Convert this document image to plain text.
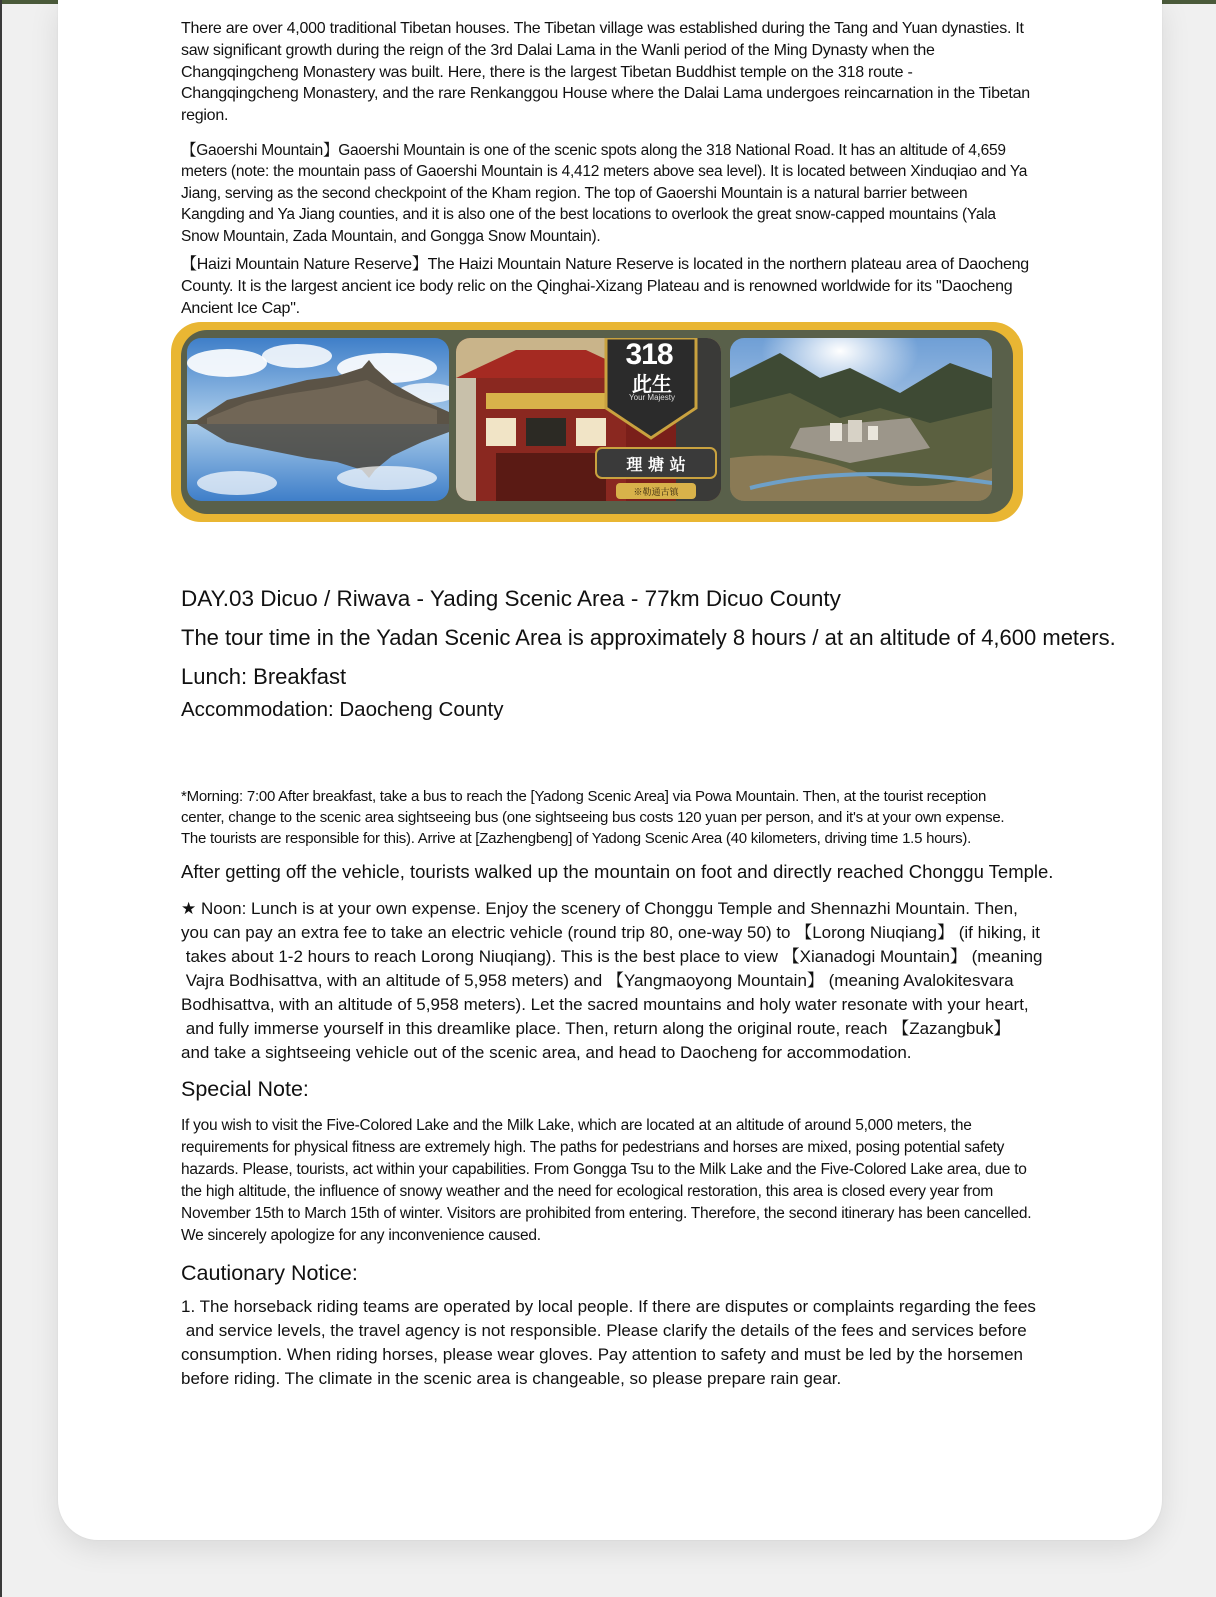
There are over 4,000 traditional Tibetan houses. The Tibetan village was established during the Tang and Yuan dynasties. It saw significant growth during the reign of the 3rd Dalai Lama in the Wanli period of the Ming Dynasty when the Changqingcheng Monastery was built. Here, there is the largest Tibetan Buddhist temple on the 318 route - Changqingcheng Monastery, and the rare Renkanggou House where the Dalai Lama undergoes reincarnation in the Tibetan region.

【Gaoershi Mountain】Gaoershi Mountain is one of the scenic spots along the 318 National Road. It has an altitude of 4,659 meters (note: the mountain pass of Gaoershi Mountain is 4,412 meters above sea level). It is located between Xinduqiao and Ya Jiang, serving as the second checkpoint of the Kham region. The top of Gaoershi Mountain is a natural barrier between Kangding and Ya Jiang counties, and it is also one of the best locations to overlook the great snow-capped mountains (Yala Snow Mountain, Zada Mountain, and Gongga Snow Mountain).

【Haizi Mountain Nature Reserve】The Haizi Mountain Nature Reserve is located in the northern plateau area of Daocheng County. It is the largest ancient ice body relic on the Qinghai-Xizang Plateau and is renowned worldwide for its "Daocheng Ancient Ice Cap".

318
此生
Your Majesty
理 塘 站
※勒通古镇

DAY.03 Dicuo / Riwava - Yading Scenic Area - 77km Dicuo County

The tour time in the Yadan Scenic Area is approximately 8 hours / at an altitude of 4,600 meters.

Lunch: Breakfast

Accommodation: Daocheng County

*Morning: 7:00 After breakfast, take a bus to reach the [Yadong Scenic Area] via Powa Mountain. Then, at the tourist reception center, change to the scenic area sightseeing bus (one sightseeing bus costs 120 yuan per person, and it's at your own expense. The tourists are responsible for this). Arrive at [Zazhengbeng] of Yadong Scenic Area (40 kilometers, driving time 1.5 hours).

After getting off the vehicle, tourists walked up the mountain on foot and directly reached Chonggu Temple.

★ Noon: Lunch is at your own expense. Enjoy the scenery of Chonggu Temple and Shennazhi Mountain. Then,

you can pay an extra fee to take an electric vehicle (round trip 80, one-way 50) to 【Lorong Niuqiang】 (if hiking, it

takes about 1-2 hours to reach Lorong Niuqiang). This is the best place to view 【Xianadogi Mountain】 (meaning

Vajra Bodhisattva, with an altitude of 5,958 meters) and 【Yangmaoyong Mountain】 (meaning Avalokitesvara

Bodhisattva, with an altitude of 5,958 meters). Let the sacred mountains and holy water resonate with your heart,

and fully immerse yourself in this dreamlike place. Then, return along the original route, reach 【Zazangbuk】

and take a sightseeing vehicle out of the scenic area, and head to Daocheng for accommodation.

Special Note:

If you wish to visit the Five-Colored Lake and the Milk Lake, which are located at an altitude of around 5,000 meters, the requirements for physical fitness are extremely high. The paths for pedestrians and horses are mixed, posing potential safety hazards. Please, tourists, act within your capabilities. From Gongga Tsu to the Milk Lake and the Five-Colored Lake area, due to the high altitude, the influence of snowy weather and the need for ecological restoration, this area is closed every year from November 15th to March 15th of winter. Visitors are prohibited from entering. Therefore, the second itinerary has been cancelled. We sincerely apologize for any inconvenience caused.

Cautionary Notice:

1. The horseback riding teams are operated by local people. If there are disputes or complaints regarding the fees

and service levels, the travel agency is not responsible. Please clarify the details of the fees and services before

consumption. When riding horses, please wear gloves. Pay attention to safety and must be led by the horsemen

before riding. The climate in the scenic area is changeable, so please prepare rain gear.
